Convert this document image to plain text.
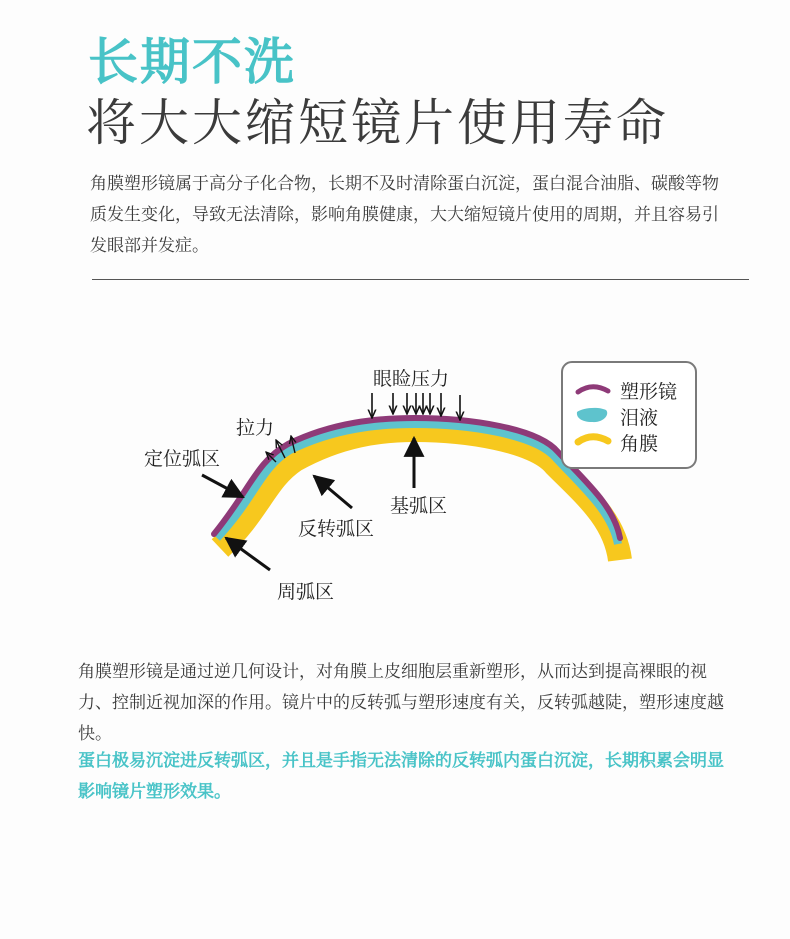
长期不洗
将大大缩短镜片使用寿命

角膜塑形镜属于高分子化合物，长期不及时清除蛋白沉淀，蛋白混合油脂、碳酸等物质发生变化，导致无法清除，影响角膜健康，大大缩短镜片使用的周期，并且容易引发眼部并发症。

眼睑压力
拉力
定位弧区
反转弧区
基弧区
周弧区
塑形镜
泪液
角膜

角膜塑形镜是通过逆几何设计，对角膜上皮细胞层重新塑形，从而达到提高裸眼的视力、控制近视加深的作用。镜片中的反转弧与塑形速度有关，反转弧越陡，塑形速度越快。

蛋白极易沉淀进反转弧区，并且是手指无法清除的反转弧内蛋白沉淀，长期积累会明显影响镜片塑形效果。
